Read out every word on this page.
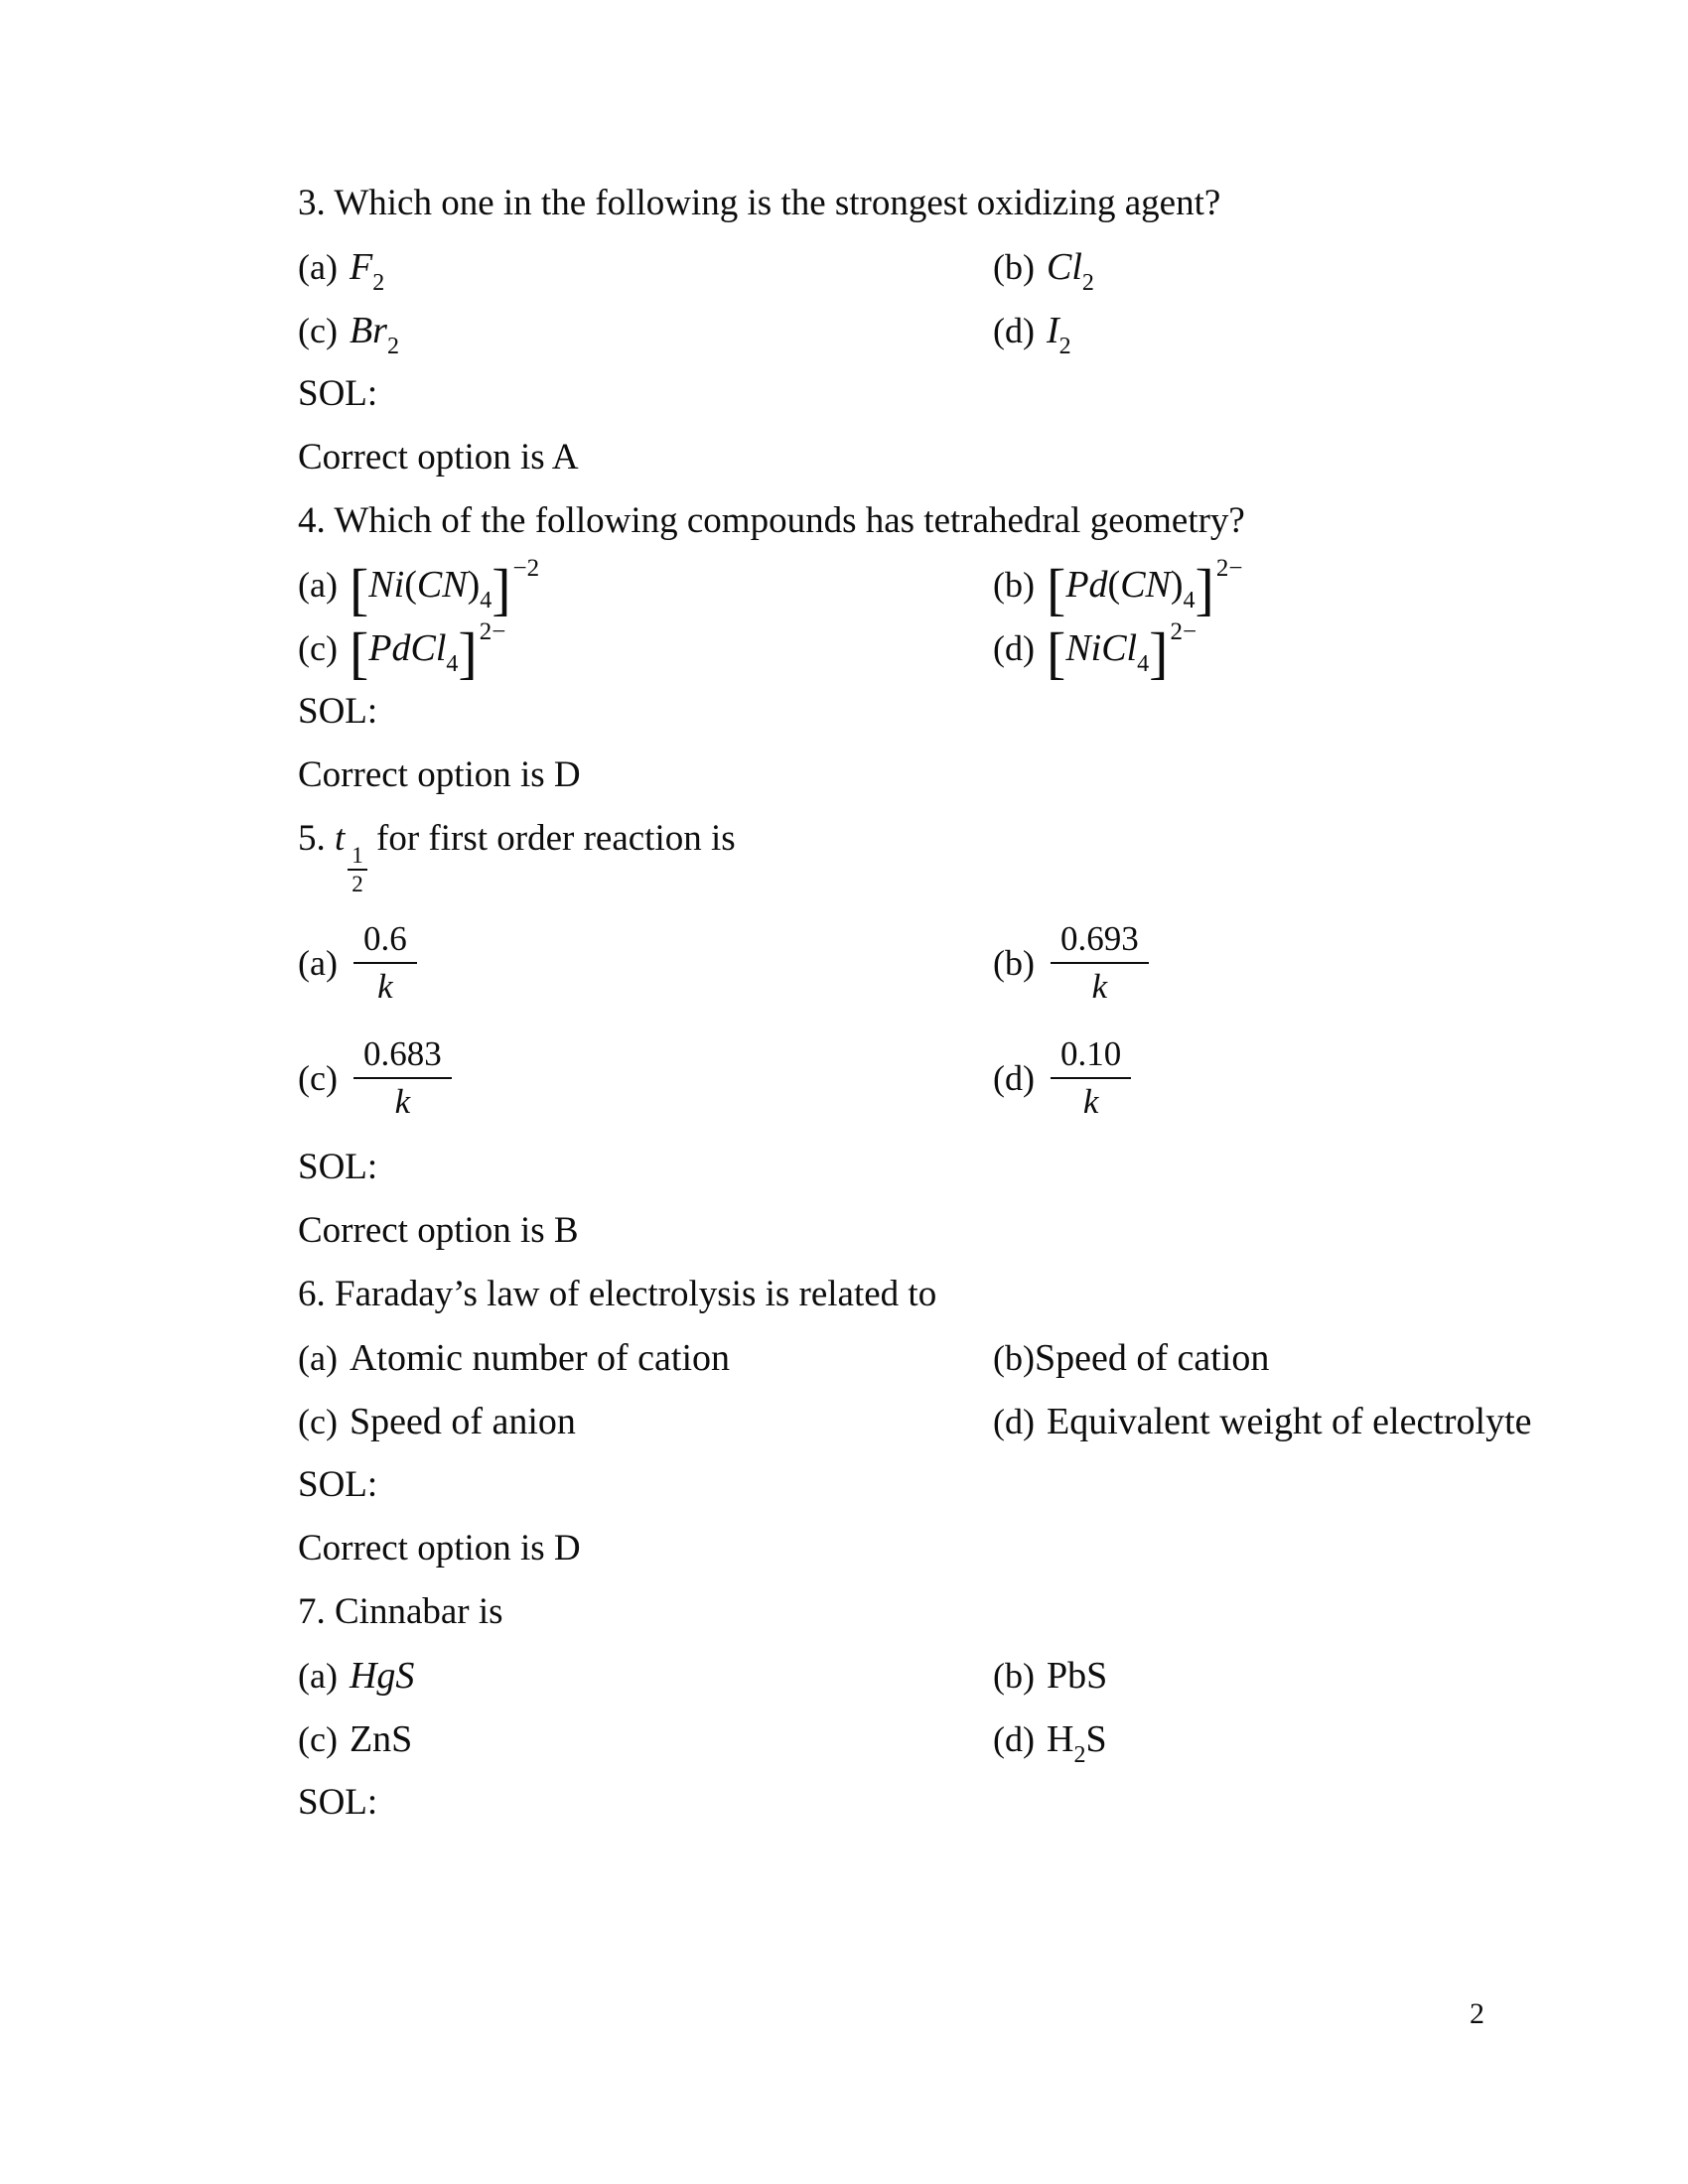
3. Which one in the following is the strongest oxidizing agent?
(a) $F_2$	(b) $Cl_2$
(c) $Br_2$	(d) $I_2$
SOL:
Correct option is A
4. Which of the following compounds has tetrahedral geometry?
(a) $[Ni(CN)_4]^{-2}$	(b) $[Pd(CN)_4]^{2-}$
(c) [PdCl$_4$]$^{2-}$	(d) [NiCl$_4$]$^{2-}$
SOL:
Correct option is D
5. t
$\frac{1}{2}$
for first order reaction is
$(a) \frac{0.6}{k}$	$(b) \frac{0.693}{k}$
$(c) \frac{0.683}{k}$	$(d) \frac{0.10}{k}$
SOL:
Correct option is B
6. Faraday’s law of electrolysis is related to
(a) Atomic number of cation	(b) Speed of cation
(c) Speed of anion	(d) Equivalent weight of electrolyte
SOL:
Correct option is D
7. Cinnabar is
(a) HgS	(b) PbS
(c) ZnS	(d) $H_2S$
SOL:
2
